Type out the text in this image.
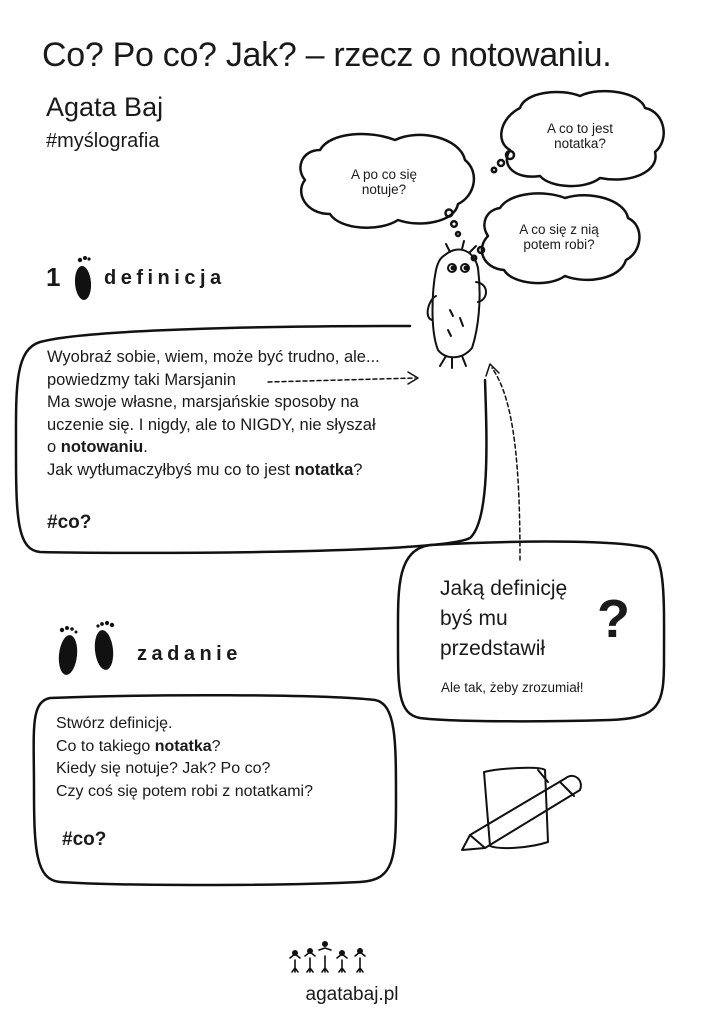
Co? Po co? Jak? – rzecz o notowaniu.
Agata Baj
#myślografia
A co to jest notatka?
A po co się notuje?
A co się z nią potem robi?
1 definicja

Wyobraź sobie, wiem, może być trudno, ale...

powiedzmy taki Marsjanin

Ma swoje własne, marsjańskie sposoby na

uczenie się. I nigdy, ale to NIGDY, nie słyszał

o notowaniu.

Jak wytłumaczyłbyś mu co to jest notatka?

#co?
Jaką definicję
byś mu
przedstawił ?
Ale tak, żeby zrozumiał!
zadanie

Stwórz definicję.

Co to takiego notatka?

Kiedy się notuje? Jak? Po co?

Czy coś się potem robi z notatkami?

#co?
agatabaj.pl
